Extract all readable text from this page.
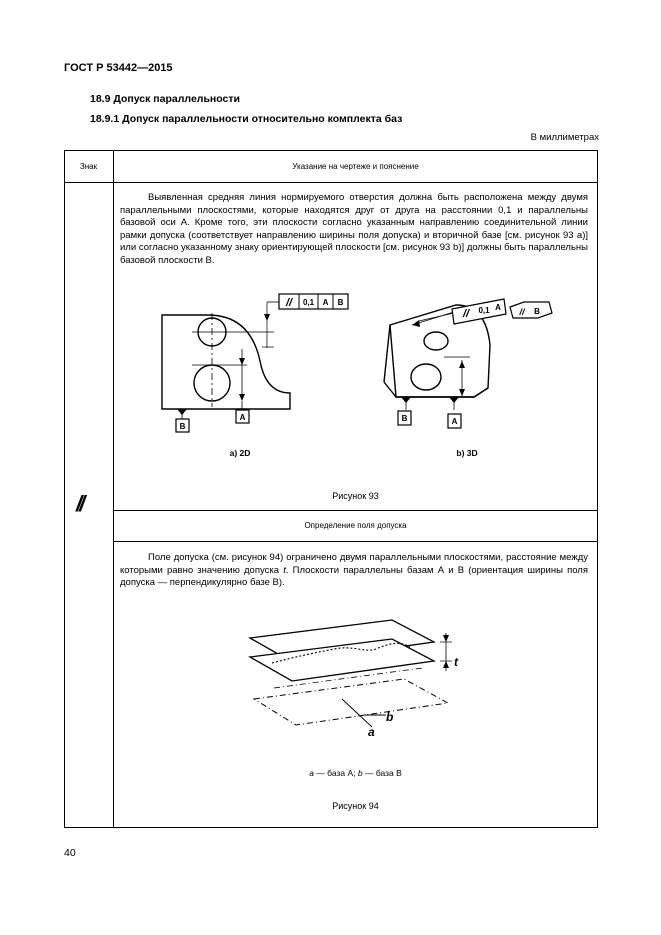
ГОСТ Р 53442—2015
18.9 Допуск параллельности
18.9.1 Допуск параллельности относительно комплекта баз
В миллиметрах
Знак	Указание на чертеже и пояснение
//
Выявленная средняя линия нормируемого отверстия должна быть расположена между двумя параллельными плоскостями, которые находятся друг от друга на расстоянии 0,1 и параллельны базовой оси А. Кроме того, эти плоскости согласно указанным направлению соединительной линии рамки допуска (соответствует направлению ширины поля допуска) и вторичной базе [см. рисунок 93 а)] или согласно указанному знаку ориентирующей плоскости [см. рисунок 93 b)] должны быть параллельны базовой плоскости В.
// 0,1 A B
B
A
// 0,1 A // B
B	A
а) 2D	b) 3D
Рисунок 93
Определение поля допуска
Поле допуска (см. рисунок 94) ограничено двумя параллельными плоскостями, расстояние между которыми равно значению допуска t. Плоскости параллельны базам А и В (ориентация ширины поля допуска — перпендикулярно базе В).
t
b
a
a — база А; b — база В
Рисунок 94
40
